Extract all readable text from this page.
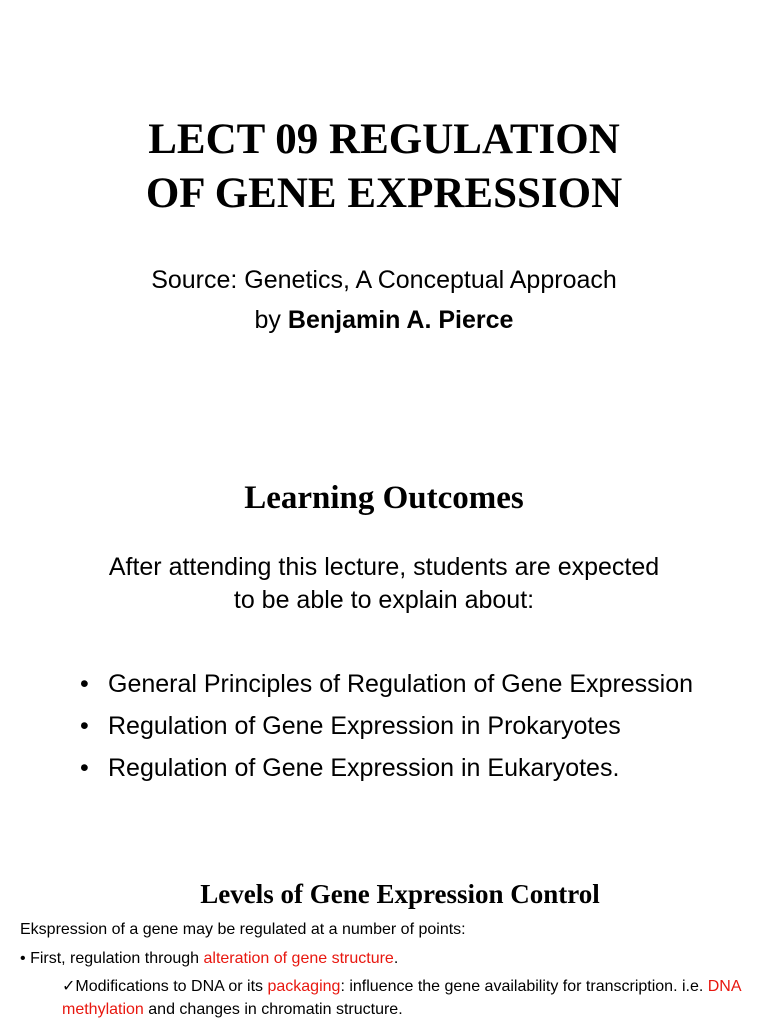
LECT 09 REGULATION
OF GENE EXPRESSION
Source: Genetics, A Conceptual Approach
by Benjamin A. Pierce
Learning Outcomes
After attending this lecture, students are expected
to be able to explain about:
• General Principles of Regulation of Gene Expression
• Regulation of Gene Expression in Prokaryotes
• Regulation of Gene Expression in Eukaryotes.
Levels of Gene Expression Control
Ekspression of a gene may be regulated at a number of points:
• First, regulation through alteration of gene structure.
✓Modifications to DNA or its packaging: influence the gene availability for transcription. i.e. DNA methylation and changes in chromatin structure.
